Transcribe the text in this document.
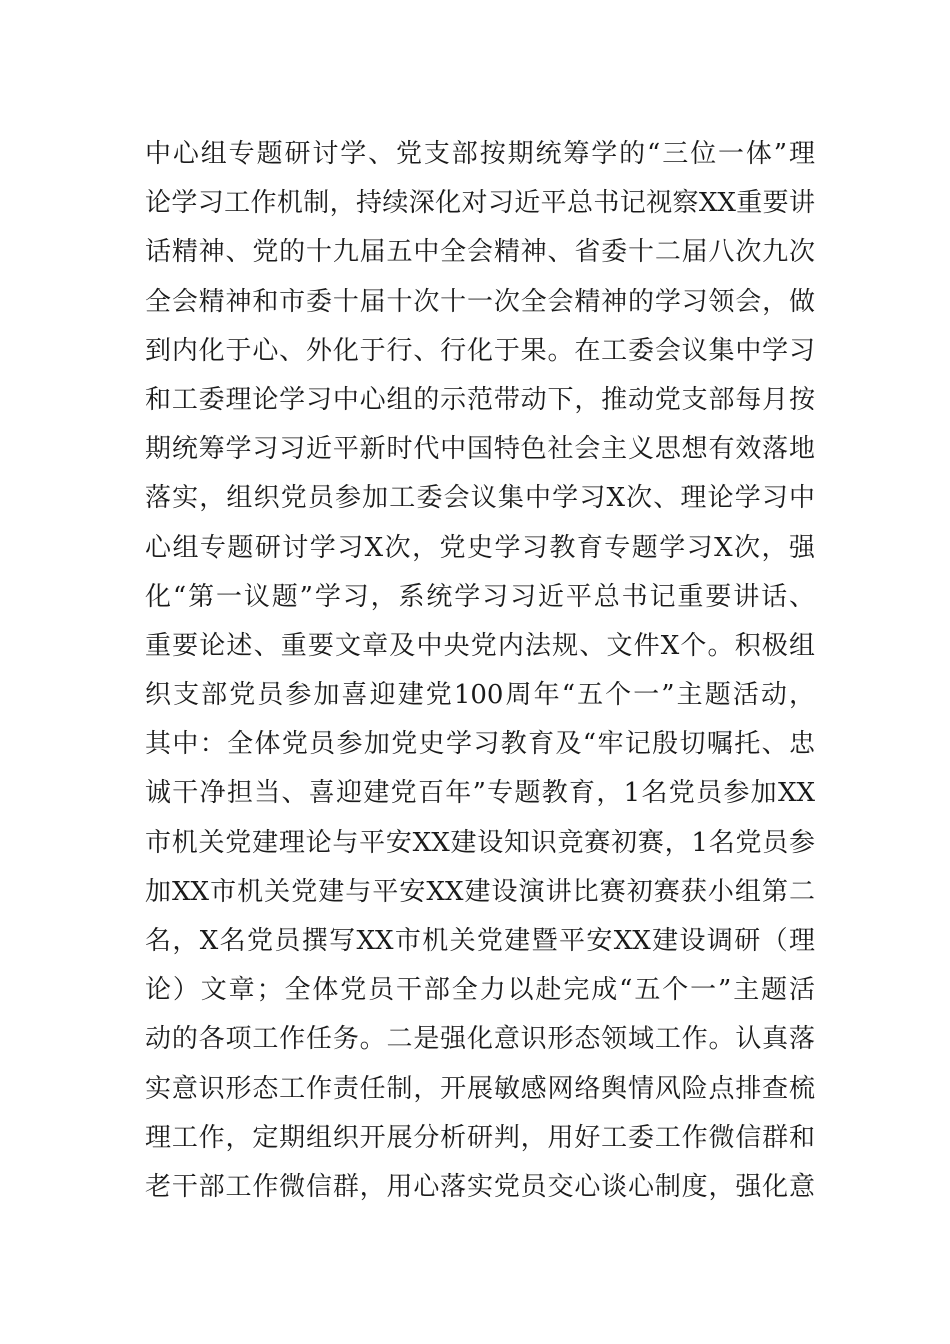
中心组专题研讨学、党支部按期统筹学的“三位一体”理
论学习工作机制，持续深化对习近平总书记视察XX重要讲
话精神、党的十九届五中全会精神、省委十二届八次九次
全会精神和市委十届十次十一次全会精神的学习领会，做
到内化于心、外化于行、行化于果。在工委会议集中学习
和工委理论学习中心组的示范带动下，推动党支部每月按
期统筹学习习近平新时代中国特色社会主义思想有效落地
落实，组织党员参加工委会议集中学习X次、理论学习中
心组专题研讨学习X次，党史学习教育专题学习X次，强
化“第一议题”学习，系统学习习近平总书记重要讲话、
重要论述、重要文章及中央党内法规、文件X个。积极组
织支部党员参加喜迎建党100周年“五个一”主题活动，
其中：全体党员参加党史学习教育及“牢记殷切嘱托、忠
诚干净担当、喜迎建党百年”专题教育，1名党员参加XX
市机关党建理论与平安XX建设知识竞赛初赛，1名党员参
加XX市机关党建与平安XX建设演讲比赛初赛获小组第二
名，X名党员撰写XX市机关党建暨平安XX建设调研（理
论）文章；全体党员干部全力以赴完成“五个一”主题活
动的各项工作任务。二是强化意识形态领域工作。认真落
实意识形态工作责任制，开展敏感网络舆情风险点排查梳
理工作，定期组织开展分析研判，用好工委工作微信群和
老干部工作微信群，用心落实党员交心谈心制度，强化意
